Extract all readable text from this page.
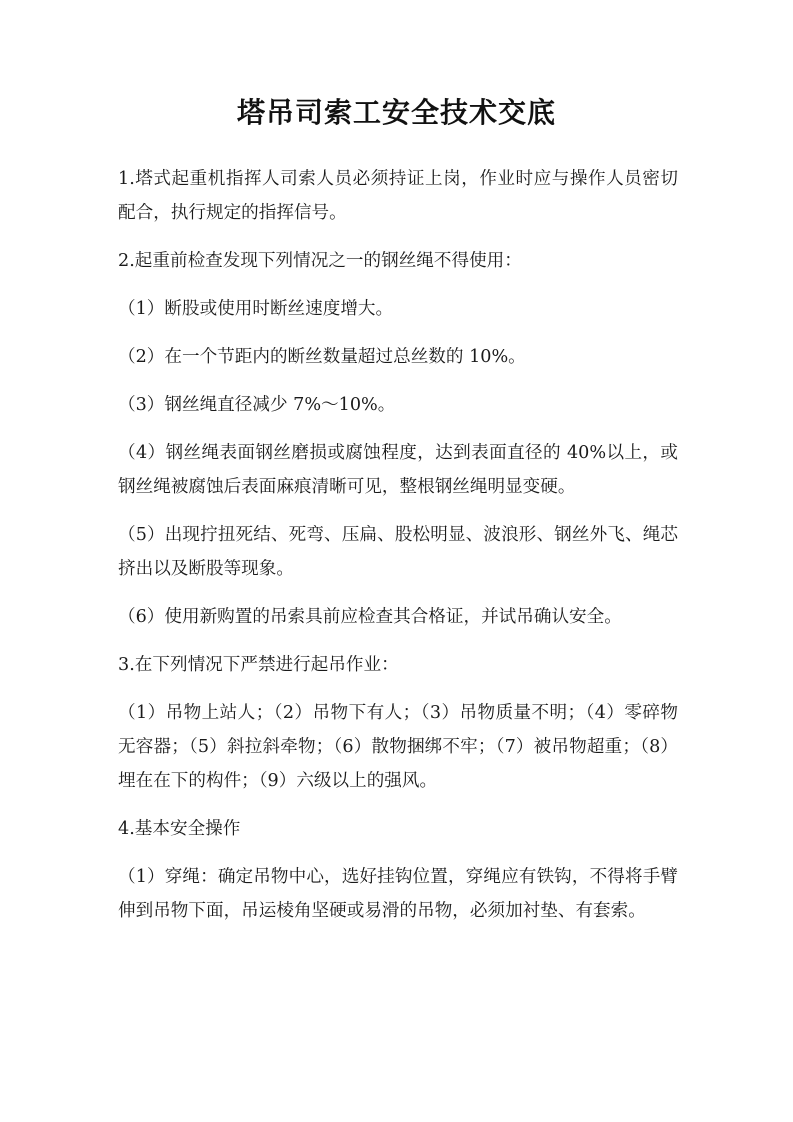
塔吊司索工安全技术交底

1.塔式起重机指挥人司索人员必须持证上岗，作业时应与操作人员密切配合，执行规定的指挥信号。

2.起重前检查发现下列情况之一的钢丝绳不得使用：

（1）断股或使用时断丝速度增大。

（2）在一个节距内的断丝数量超过总丝数的 10%。

（3）钢丝绳直径减少 7%～10%。

（4）钢丝绳表面钢丝磨损或腐蚀程度，达到表面直径的 40%以上，或钢丝绳被腐蚀后表面麻痕清晰可见，整根钢丝绳明显变硬。

（5）出现拧扭死结、死弯、压扁、股松明显、波浪形、钢丝外飞、绳芯挤出以及断股等现象。

（6）使用新购置的吊索具前应检查其合格证，并试吊确认安全。

3.在下列情况下严禁进行起吊作业：

（1）吊物上站人；（2）吊物下有人；（3）吊物质量不明；（4）零碎物无容器；（5）斜拉斜牵物；（6）散物捆绑不牢；（7）被吊物超重；（8）埋在在下的构件；（9）六级以上的强风。

4.基本安全操作

（1）穿绳：确定吊物中心，选好挂钩位置，穿绳应有铁钩，不得将手臂伸到吊物下面，吊运棱角坚硬或易滑的吊物，必须加衬垫、有套索。
